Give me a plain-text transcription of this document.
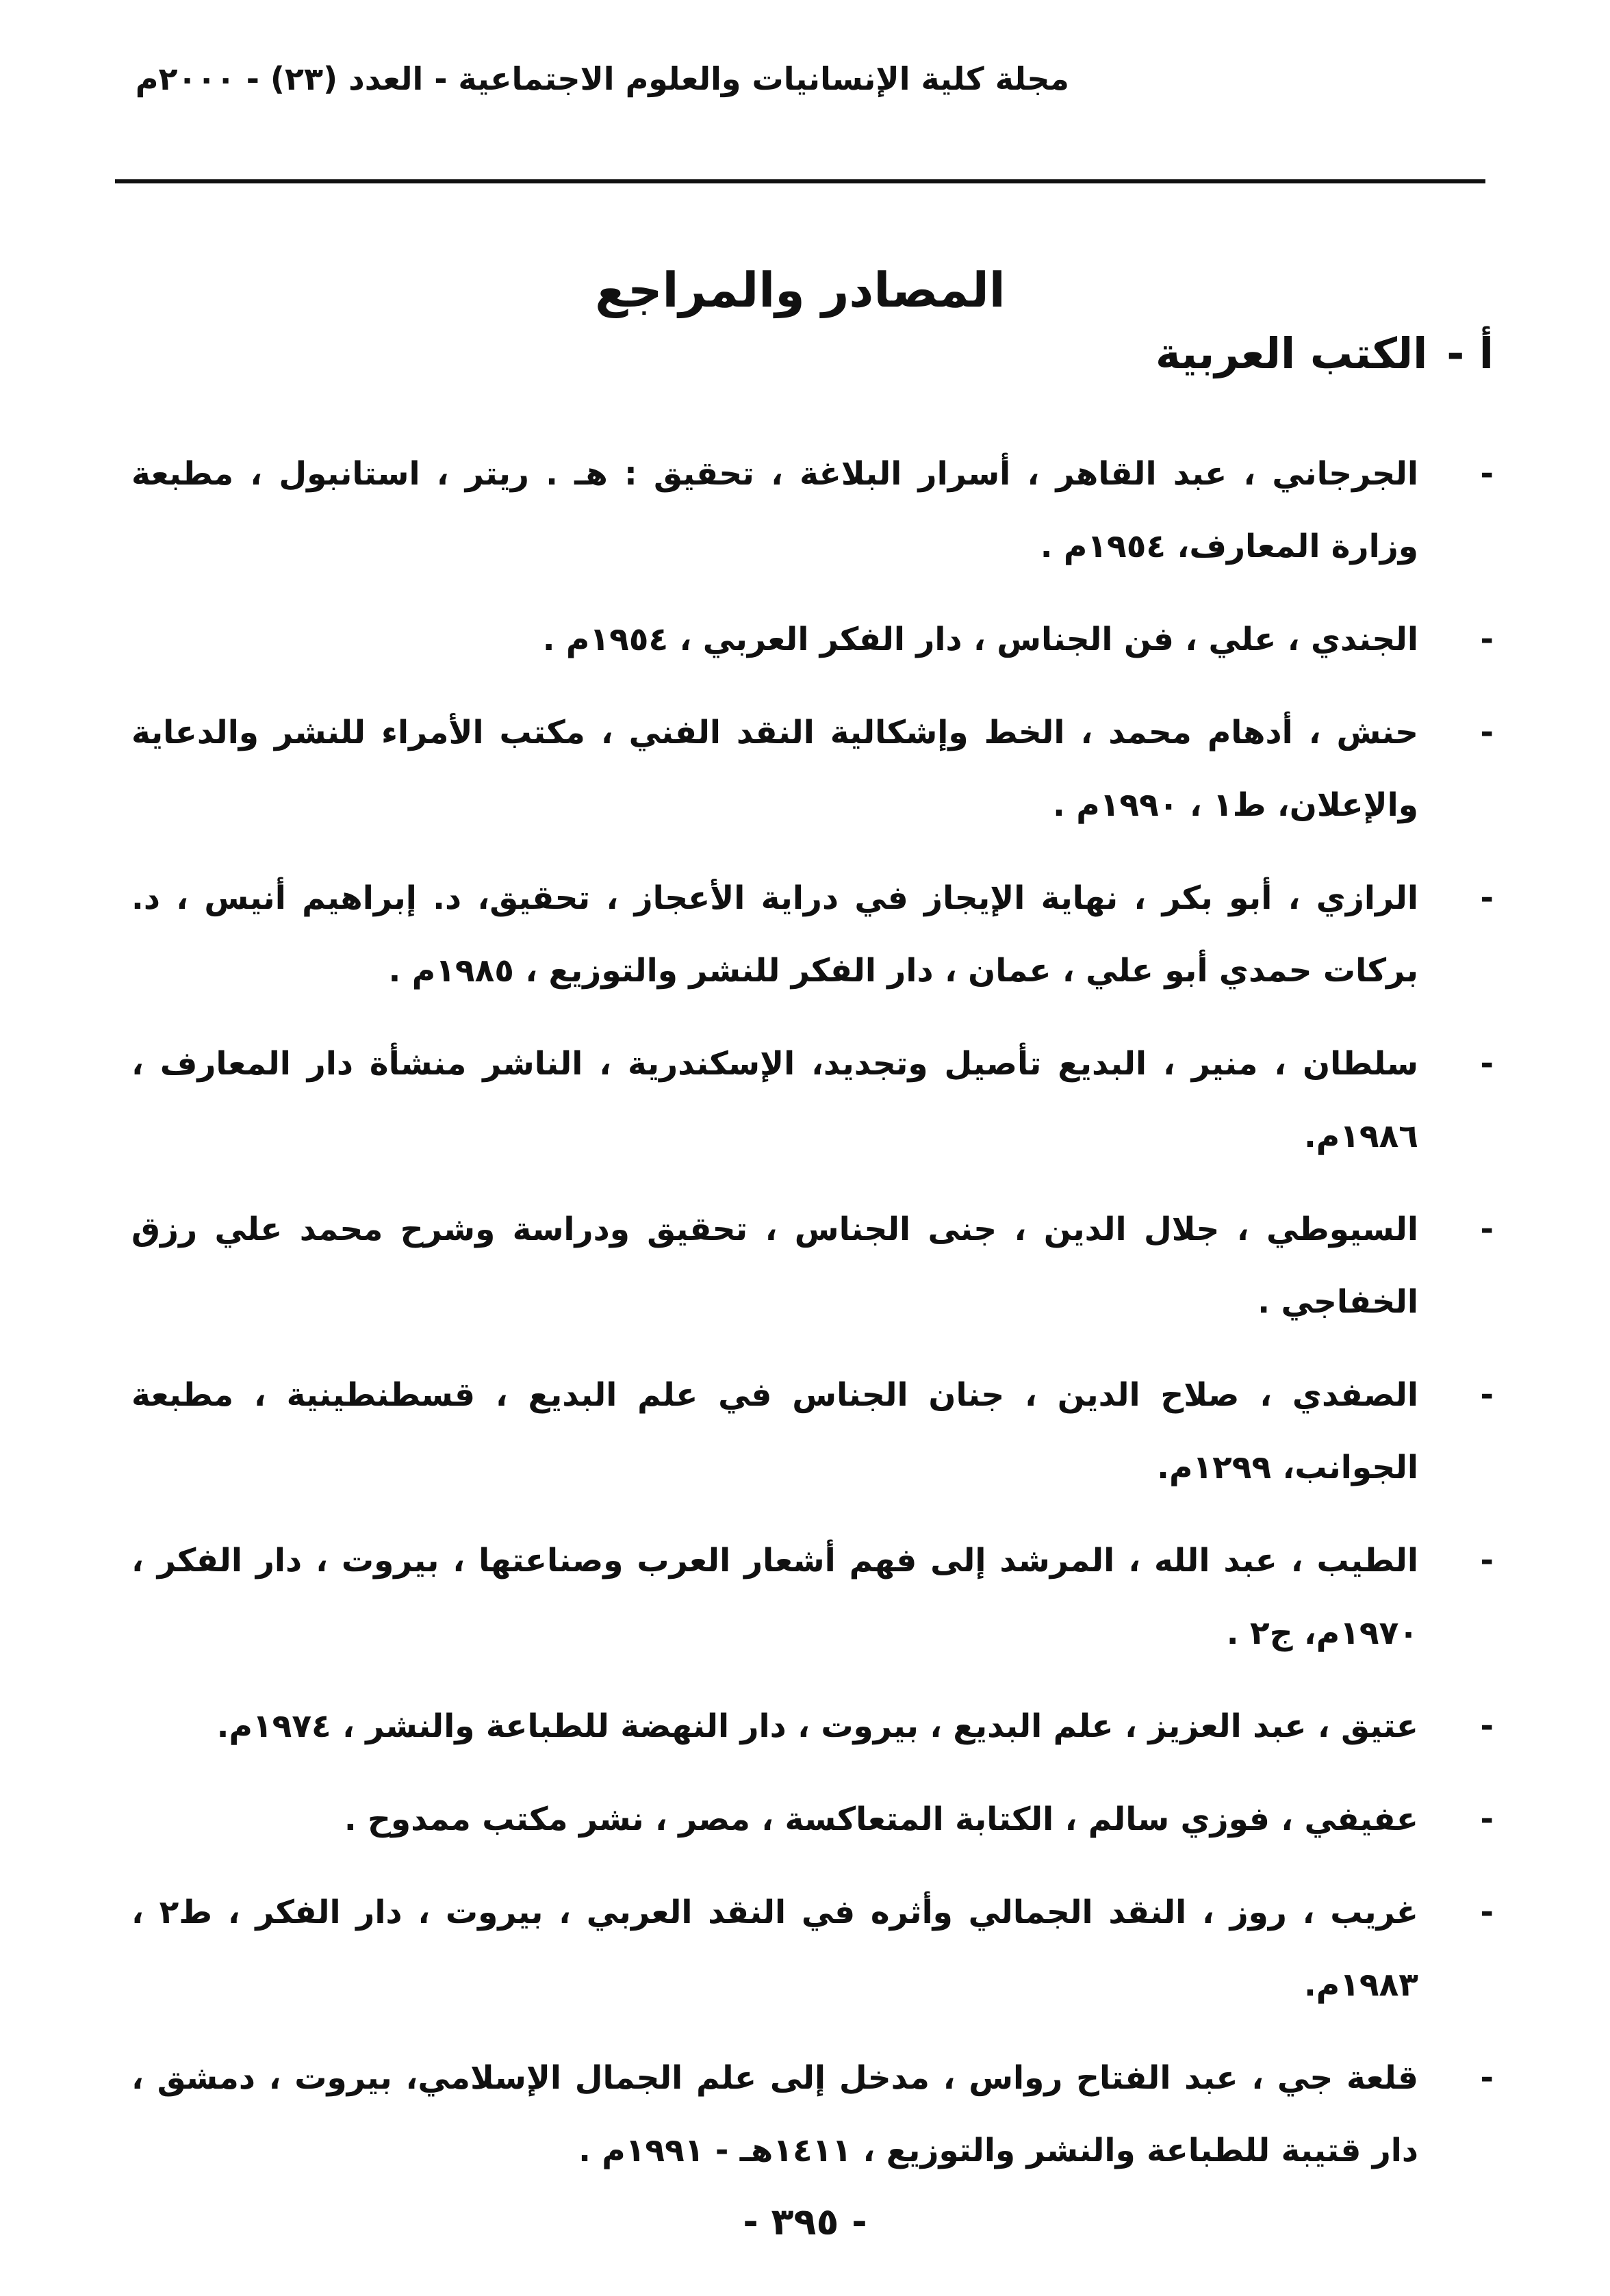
مجلة كلية الإنسانيات والعلوم الاجتماعية - العدد (٢٣) - ٢٠٠٠م
المصادر والمراجع
أ -الكتب العربية
-
الجرجاني ، عبد القاهر ، أسرار البلاغة ، تحقيق : هـ . ريتر ، استانبول ، مطبعة وزارة المعارف، ١٩٥٤م .
-
الجندي ، علي ، فن الجناس ، دار الفكر العربي ، ١٩٥٤م .
-
حنش ، أدهام محمد ، الخط وإشكالية النقد الفني ، مكتب الأمراء للنشر والدعاية والإعلان، ط١ ، ١٩٩٠م .
-
الرازي ، أبو بكر ، نهاية الإيجاز في دراية الأعجاز ، تحقيق، د. إبراهيم أنيس ، د. بركات حمدي أبو علي ، عمان ، دار الفكر للنشر والتوزيع ، ١٩٨٥م .
-
سلطان ، منير ، البديع تأصيل وتجديد، الإسكندرية ، الناشر منشأة دار المعارف ، ١٩٨٦م.
-
السيوطي ، جلال الدين ، جنى الجناس ، تحقيق ودراسة وشرح محمد علي رزق الخفاجي .
-
الصفدي ، صلاح الدين ، جنان الجناس في علم البديع ، قسطنطينية ، مطبعة الجوانب، ١٢٩٩م.
-
الطيب ، عبد الله ، المرشد إلى فهم أشعار العرب وصناعتها ، بيروت ، دار الفكر ، ١٩٧٠م، ج٢ .
-
عتيق ، عبد العزيز ، علم البديع ، بيروت ، دار النهضة للطباعة والنشر ، ١٩٧٤م.
-
عفيفي ، فوزي سالم ، الكتابة المتعاكسة ، مصر ، نشر مكتب ممدوح .
-
غريب ، روز ، النقد الجمالي وأثره في النقد العربي ، بيروت ، دار الفكر ، ط٢ ، ١٩٨٣م.
-
قلعة جي ، عبد الفتاح رواس ، مدخل إلى علم الجمال الإسلامي، بيروت ، دمشق ، دار قتيبة للطباعة والنشر والتوزيع ، ١٤١١هـ - ١٩٩١م .
- ٣٩٥ -
